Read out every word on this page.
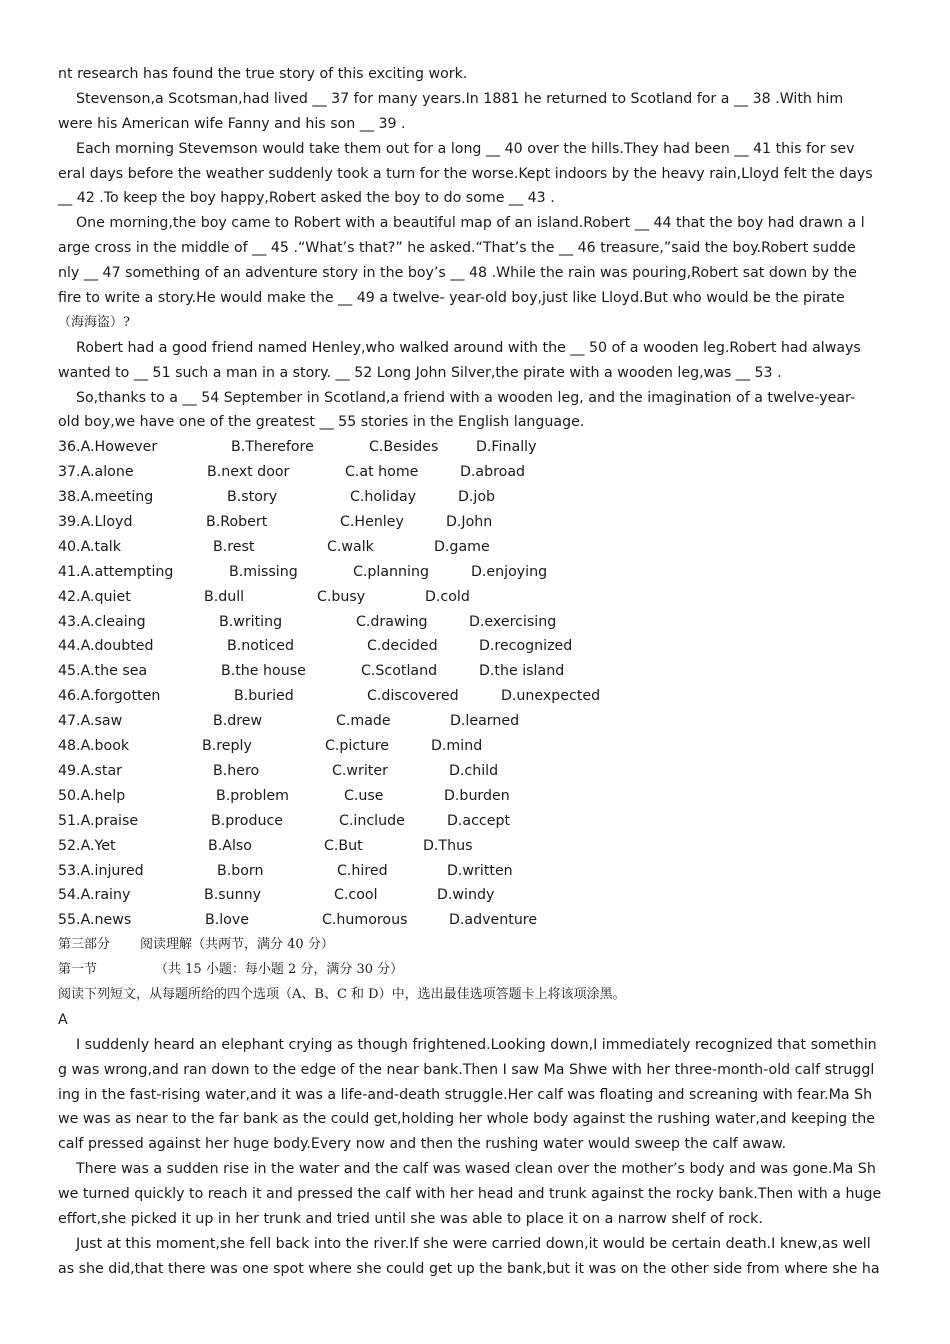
nt research has found the true story of this exciting work.
Stevenson,a Scotsman,had lived __ 37 for many years.In 1881 he returned to Scotland for a __ 38 .With him
were his American wife Fanny and his son __ 39 .
Each morning Stevemson would take them out for a long __ 40 over the hills.They had been __ 41 this for sev
eral days before the weather suddenly took a turn for the worse.Kept indoors by the heavy rain,Lloyd felt the days
__ 42 .To keep the boy happy,Robert asked the boy to do some __ 43 .
One morning,the boy came to Robert with a beautiful map of an island.Robert __ 44 that the boy had drawn a l
arge cross in the middle of __ 45 .“What’s that?” he asked.“That’s the __ 46 treasure,”said the boy.Robert sudde
nly __ 47 something of an adventure story in the boy’s __ 48 .While the rain was pouring,Robert sat down by the
fire to write a story.He would make the __ 49 a twelve- year-old boy,just like Lloyd.But who would be the pirate
（海海盗）?
Robert had a good friend named Henley,who walked around with the __ 50 of a wooden leg.Robert had always
wanted to __ 51 such a man in a story. __ 52 Long John Silver,the pirate with a wooden leg,was __ 53 .
So,thanks to a __ 54 September in Scotland,a friend with a wooden leg, and the imagination of a twelve-year-
old boy,we have one of the greatest __ 55 stories in the English language.
36.A.However	B.Therefore	C.Besides	D.Finally
37.A.alone	B.next door	C.at home	D.abroad
38.A.meeting	B.story	C.holiday	D.job
39.A.Lloyd	B.Robert	C.Henley	D.John
40.A.talk	B.rest	C.walk	D.game
41.A.attempting	B.missing	C.planning	D.enjoying
42.A.quiet	B.dull	C.busy	D.cold
43.A.cleaing	B.writing	C.drawing	D.exercising
44.A.doubted	B.noticed	C.decided	D.recognized
45.A.the sea	B.the house	C.Scotland	D.the island
46.A.forgotten	B.buried	C.discovered	D.unexpected
47.A.saw	B.drew	C.made	D.learned
48.A.book	B.reply	C.picture	D.mind
49.A.star	B.hero	C.writer	D.child
50.A.help	B.problem	C.use	D.burden
51.A.praise	B.produce	C.include	D.accept
52.A.Yet	B.Also	C.But	D.Thus
53.A.injured	B.born	C.hired	D.written
54.A.rainy	B.sunny	C.cool	D.windy
55.A.news	B.love	C.humorous	D.adventure
第三部分 阅读理解（共两节，满分 40 分）
第一节	（共 15 小题：每小题 2 分，满分 30 分）
阅读下列短文，从每题所给的四个选项（A、B、C 和 D）中，选出最佳选项答题卡上将该项涂黑。
A
I suddenly heard an elephant crying as though frightened.Looking down,I immediately recognized that somethin
g was wrong,and ran down to the edge of the near bank.Then I saw Ma Shwe with her three-month-old calf struggl
ing in the fast-rising water,and it was a life-and-death struggle.Her calf was floating and screaning with fear.Ma Sh
we was as near to the far bank as the could get,holding her whole body against the rushing water,and keeping the
calf pressed against her huge body.Every now and then the rushing water would sweep the calf awaw.
There was a sudden rise in the water and the calf was wased clean over the mother’s body and was gone.Ma Sh
we turned quickly to reach it and pressed the calf with her head and trunk against the rocky bank.Then with a huge
effort,she picked it up in her trunk and tried until she was able to place it on a narrow shelf of rock.
Just at this moment,she fell back into the river.If she were carried down,it would be certain death.I knew,as well
as she did,that there was one spot where she could get up the bank,but it was on the other side from where she ha
